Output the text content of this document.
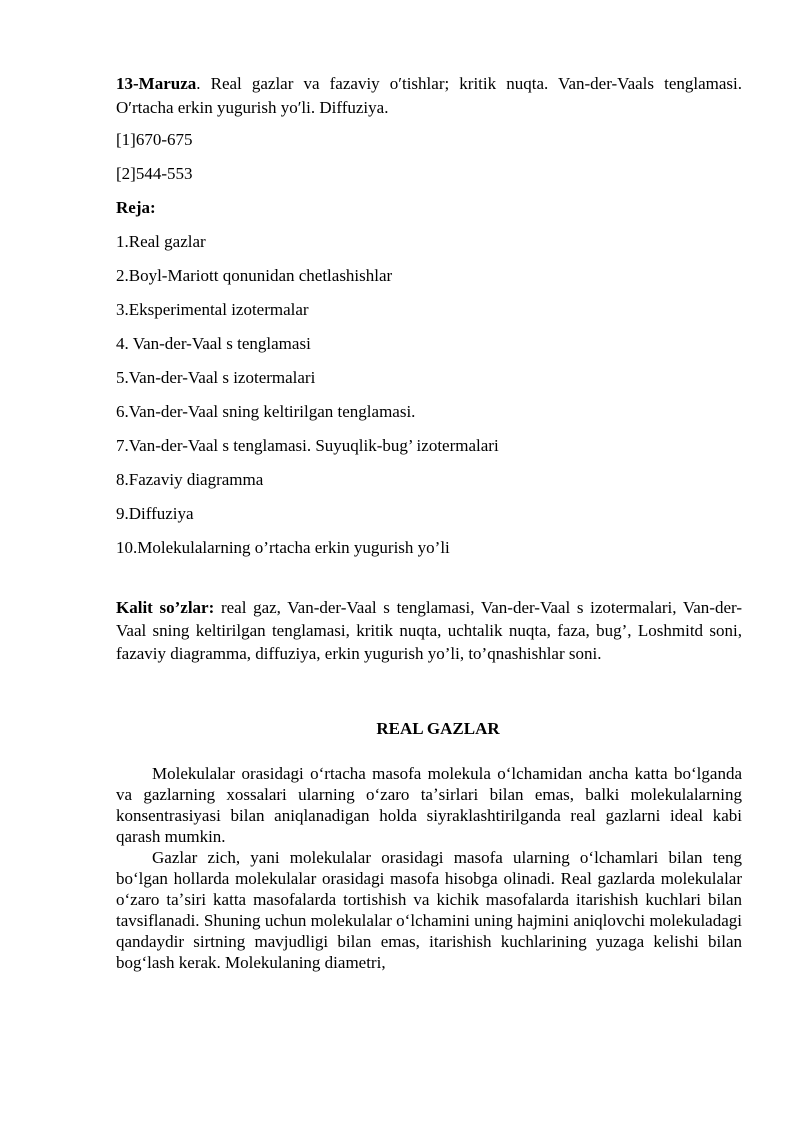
13-Maruza. Real gazlar va fazaviy oʹtishlar; kritik nuqta. Van-der-Vaals tenglamasi. Oʹrtacha erkin yugurish yoʹli. Diffuziya.

[1]670-675
[2]544-553
Reja:
1.Real gazlar
2.Boyl-Mariott qonunidan chetlashishlar
3.Eksperimental izotermalar
4. Van-der-Vaal s tenglamasi
5.Van-der-Vaal s izotermalari
6.Van-der-Vaal sning keltirilgan tenglamasi.
7.Van-der-Vaal s tenglamasi. Suyuqlik-bug’ izotermalari
8.Fazaviy diagramma
9.Diffuziya
10.Molekulalarning o’rtacha erkin yugurish yo’li

Kalit so’zlar: real gaz, Van-der-Vaal s tenglamasi, Van-der-Vaal s izotermalari, Van-der-Vaal sning keltirilgan tenglamasi, kritik nuqta, uchtalik nuqta, faza, bug’, Loshmitd soni, fazaviy diagramma, diffuziya, erkin yugurish yo’li, to’qnashishlar soni.

REAL GAZLAR

Molekulalar orasidagi oʻrtacha masofa molekula oʻlchamidan ancha katta boʻlganda va gazlarning xossalari ularning oʻzaro taʼsirlari bilan emas, balki molekulalarning konsentrasiyasi bilan aniqlanadigan holda siyraklashtirilganda real gazlarni ideal kabi qarash mumkin.

Gazlar zich, yani molekulalar orasidagi masofa ularning oʻlchamlari bilan teng boʻlgan hollarda molekulalar orasidagi masofa hisobga olinadi. Real gazlarda molekulalar oʻzaro taʼsiri katta masofalarda tortishish va kichik masofalarda itarishish kuchlari bilan tavsiflanadi. Shuning uchun molekulalar oʻlchamini uning hajmini aniqlovchi molekuladagi qandaydir sirtning mavjudligi bilan emas, itarishish kuchlarining yuzaga kelishi bilan bogʻlash kerak. Molekulaning diametri,
